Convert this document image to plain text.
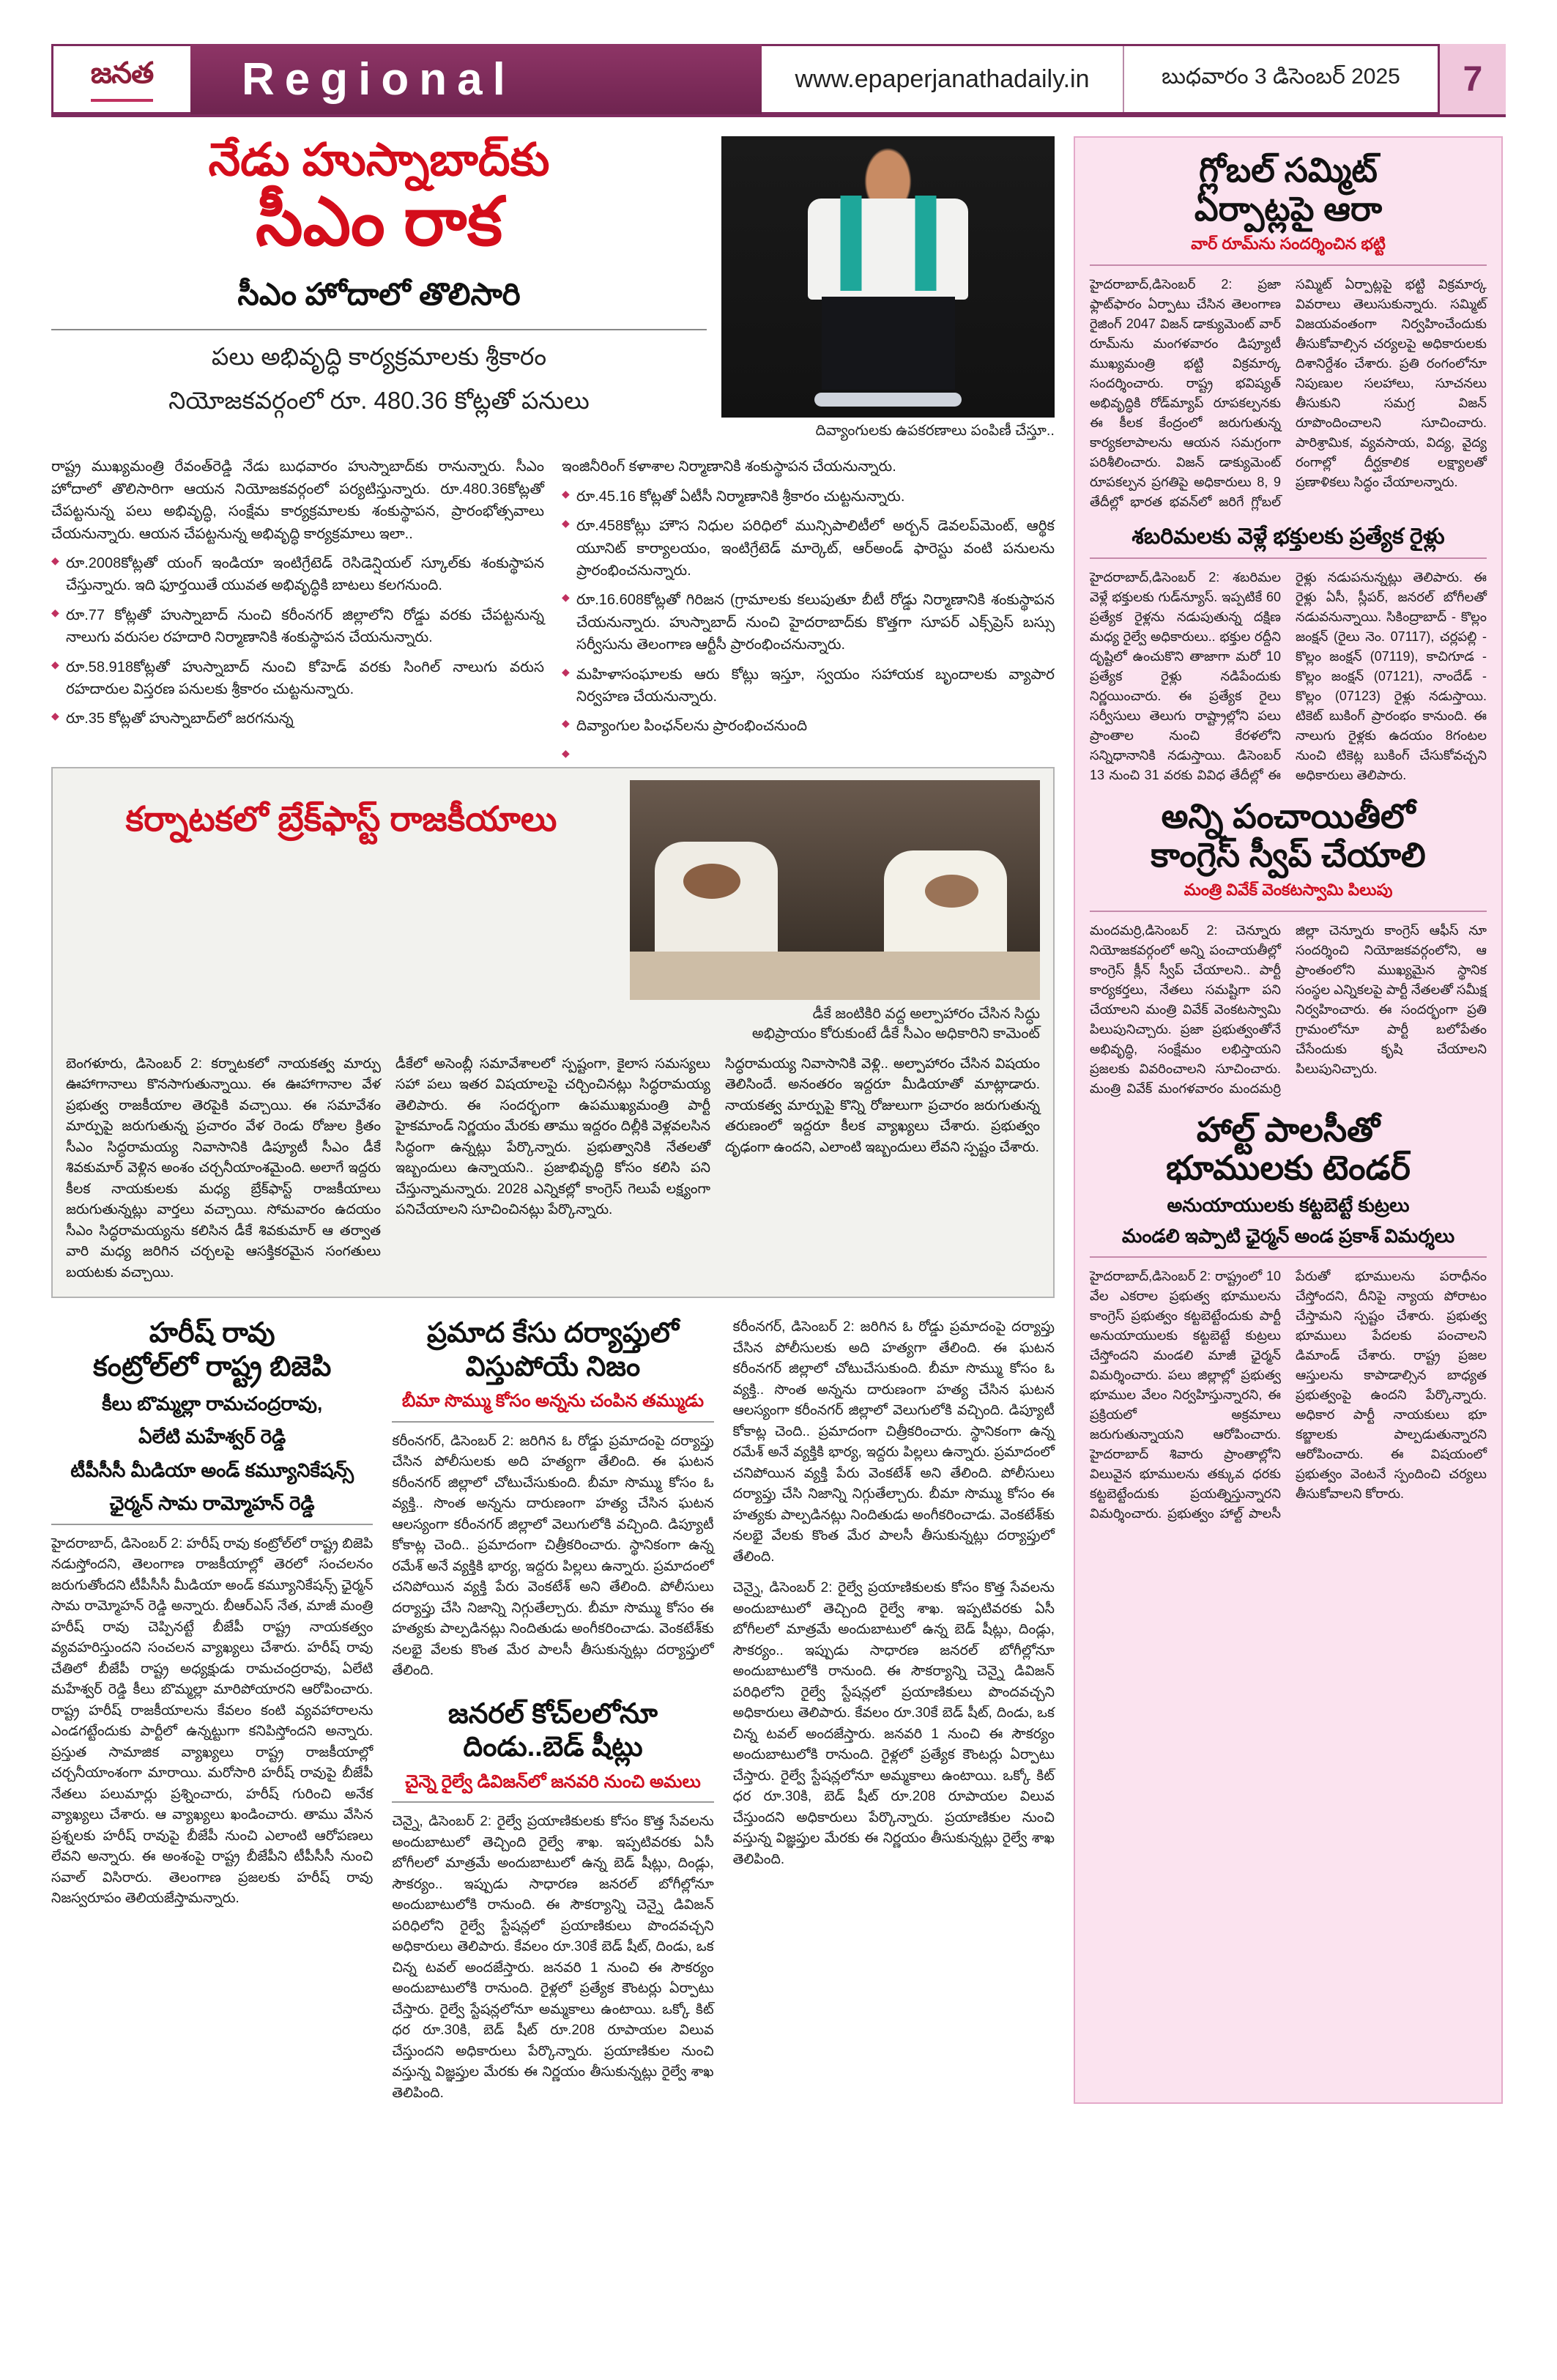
జనత Regional	www.epaperjanathadaily.in	బుధవారం 3 డిసెంబర్ 2025	7
నేడు హుస్నాబాద్‌కు
సీఎం రాక
సీఎం హోదాలో తొలిసారి
పలు అభివృద్ధి కార్యక్రమాలకు శ్రీకారం
నియోజకవర్గంలో రూ. 480.36 కోట్లతో పనులు
దివ్యాంగులకు ఉపకరణాలు పంపిణీ చేస్తూ..

రాష్ట్ర ముఖ్యమంత్రి రేవంత్‌రెడ్డి నేడు బుధవారం హుస్నాబాద్‌కు రానున్నారు. సీఎం హోదాలో తొలిసారిగా ఆయన నియోజకవర్గంలో పర్యటిస్తున్నారు. రూ.480.36కోట్లతో చేపట్టనున్న పలు అభివృద్ధి, సంక్షేమ కార్యక్రమాలకు శంకుస్థాపన, ప్రారంభోత్సవాలు చేయనున్నారు. ఆయన చేపట్టనున్న అభివృద్ధి కార్యక్రమాలు ఇలా..

◆ రూ.2008కోట్లతో యంగ్ ఇండియా ఇంటిగ్రేటెడ్ రెసిడెన్షియల్ స్కూల్‌కు శంకుస్థాపన చేస్తున్నారు. ఇది ఫూర్తయితే యువత అభివృద్ధికి బాటలు కలగనుంది.

◆ రూ.77 కోట్లతో హుస్నాబాద్ నుంచి కరీంనగర్ జిల్లాలోని రోడ్డు వరకు చేపట్టనున్న నాలుగు వరుసల రహదారి నిర్మాణానికి శంకుస్థాపన చేయనున్నారు.

◆ రూ.58.918కోట్లతో హుస్నాబాద్ నుంచి కోహెడ్ వరకు సింగిల్ నాలుగు వరుస రహదారుల విస్తరణ పనులకు శ్రీకారం చుట్టనున్నారు.

◆ రూ.35 కోట్లతో హుస్నాబాద్‌లో జరగనున్న

ఇంజినీరింగ్ కళాశాల నిర్మాణానికి శంకుస్థాపన చేయనున్నారు.

◆ రూ.45.16 కోట్లతో ఏటీసీ నిర్మాణానికి శ్రీకారం చుట్టనున్నారు.

◆ రూ.458కోట్లు హౌస నిధుల పరిధిలో మున్సిపాలిటీలో అర్బన్ డెవలప్‌మెంట్, ఆర్థిక యూనిట్ కార్యాలయం, ఇంటిగ్రేటెడ్ మార్కెట్, ఆర్‌అండ్ ఫారెస్టు వంటి పనులను ప్రారంభించనున్నారు.

◆ రూ.16.608కోట్లతో గిరిజన (గ్రామాలకు కలుపుతూ బీటీ రోడ్డు నిర్మాణానికి శంకుస్థాపన చేయనున్నారు. హుస్నాబాద్ నుంచి హైదరాబాద్‌కు కొత్తగా సూపర్ ఎక్స్‌ప్రెస్ బస్సు సర్వీసును తెలంగాణ ఆర్టీసీ ప్రారంభించనున్నారు.

◆ మహిళాసంఘాలకు ఆరు కోట్లు ఇస్తూ, స్వయం సహాయక బృందాలకు వ్యాపార నిర్వహణ చేయనున్నారు.

◆ దివ్యాంగుల పింఛన్‌లను ప్రారంభించనుంది

కర్నాటకలో బ్రేక్‌ఫాస్ట్ రాజకీయాలు
డీకే జంటికిరి వద్ద అల్పాహారం చేసిన సిద్ధు
అభిప్రాయం కోరుకుంటే డీకే సీఎం అధికారిని కామెంట్
బెంగళూరు, డిసెంబర్ 2: కర్నాటకలో నాయకత్వ మార్పు ఊహాగానాలు కొనసాగుతున్నాయి. ఈ ఊహాగానాల వేళ ప్రభుత్వ రాజకీయాల తెరపైకి వచ్చాయి. ఈ సమావేశం మార్పుపై జరుగుతున్న ప్రచారం వేళ రెండు రోజుల క్రితం సీఎం సిద్ధరామయ్య నివాసానికి డిప్యూటీ సీఎం డీకే శివకుమార్ వెళ్లిన అంశం చర్చనీయాంశమైంది. అలాగే ఇద్దరు కీలక నాయకులకు మధ్య బ్రేక్‌ఫాస్ట్ రాజకీయాలు జరుగుతున్నట్లు వార్తలు వచ్చాయి. సోమవారం ఉదయం సీఎం సిద్ధరామయ్యను కలిసిన డీకే శివకుమార్ ఆ తర్వాత వారి మధ్య జరిగిన చర్చలపై ఆసక్తికరమైన సంగతులు బయటకు వచ్చాయి.
డీకేలో అసెంబ్లీ సమావేశాలలో స్పష్టంగా, కైలాస సమస్యలు సహా పలు ఇతర విషయాలపై చర్చించినట్లు సిద్ధరామయ్య తెలిపారు. ఈ సందర్భంగా ఉపముఖ్యమంత్రి పార్టీ హైకమాండ్ నిర్ణయం మేరకు తాము ఇద్దరం దిల్లీకి వెళ్లవలసిన సిద్ధంగా ఉన్నట్లు పేర్కొన్నారు. ప్రభుత్వానికి నేతలతో ఇబ్బందులు ఉన్నాయని.. ప్రజాభివృద్ధి కోసం కలిసి పని చేస్తున్నామన్నారు. 2028 ఎన్నికల్లో కాంగ్రెస్ గెలుపే లక్ష్యంగా పనిచేయాలని సూచించినట్లు పేర్కొన్నారు.
సిద్ధరామయ్య నివాసానికి వెళ్లి.. అల్పాహారం చేసిన విషయం తెలిసిందే. అనంతరం ఇద్దరూ మీడియాతో మాట్లాడారు. నాయకత్వ మార్పుపై కొన్ని రోజులుగా ప్రచారం జరుగుతున్న తరుణంలో ఇద్దరూ కీలక వ్యాఖ్యలు చేశారు. ప్రభుత్వం దృఢంగా ఉందని, ఎలాంటి ఇబ్బందులు లేవని స్పష్టం చేశారు.
హరీష్ రావు
కంట్రోల్‌లో రాష్ట్ర బిజెపి
కీలు బొమ్మల్లా రామచంద్రరావు,
ఏలేటి మహేశ్వర్ రెడ్డి
టీపీసీసీ మీడియా అండ్ కమ్యూనికేషన్స్
ఛైర్మన్ సామ రామ్మోహన్ రెడ్డి
హైదరాబాద్, డిసెంబర్ 2: హరీష్ రావు కంట్రోల్‌లో రాష్ట్ర బిజెపి నడుస్తోందని, తెలంగాణ రాజకీయాల్లో తెరలో సంచలనం జరుగుతోందని టీపీసీసీ మీడియా అండ్ కమ్యూనికేషన్స్ ఛైర్మన్ సామ రామ్మోహన్ రెడ్డి అన్నారు. బీఆర్ఎస్ నేత, మాజీ మంత్రి హరీష్ రావు చెప్పినట్టే బీజేపీ రాష్ట్ర నాయకత్వం వ్యవహరిస్తుందని సంచలన వ్యాఖ్యలు చేశారు. హరీష్ రావు చేతిలో బీజేపీ రాష్ట్ర అధ్యక్షుడు రామచంద్రరావు, ఏలేటి మహేశ్వర్ రెడ్డి కీలు బొమ్మల్లా మారిపోయారని ఆరోపించారు. రాష్ట్ర హరీష్ రాజకీయాలను కేవలం కంటి వ్యవహారాలను ఎండగట్టేందుకు పార్టీలో ఉన్నట్టుగా కనిపిస్తోందని అన్నారు. ప్రస్తుత సామాజిక వ్యాఖ్యలు రాష్ట్ర రాజకీయాల్లో చర్చనీయాంశంగా మారాయి. మరోసారి హరీష్ రావుపై బీజేపీ నేతలు పలుమార్లు ప్రశ్నించారు, హరీష్ గురించి అనేక వ్యాఖ్యలు చేశారు. ఆ వ్యాఖ్యలు ఖండించారు. తాము వేసిన ప్రశ్నలకు హరీష్ రావుపై బీజేపీ నుంచి ఎలాంటి ఆరోపణలు లేవని అన్నారు. ఈ అంశంపై రాష్ట్ర బీజేపీని టీపీసీసీ నుంచి సవాల్ విసిరారు. తెలంగాణ ప్రజలకు హరీష్ రావు నిజస్వరూపం తెలియజేస్తామన్నారు.
ప్రమాద కేసు దర్యాప్తులో విస్తుపోయే నిజం
బీమా సొమ్ము కోసం అన్నను చంపిన తమ్ముడు
కరీంనగర్, డిసెంబర్ 2: జరిగిన ఓ రోడ్డు ప్రమాదంపై దర్యాప్తు చేసిన పోలీసులకు అది హత్యగా తేలింది. ఈ ఘటన కరీంనగర్ జిల్లాలో చోటుచేసుకుంది. బీమా సొమ్ము కోసం ఓ వ్యక్తి.. సొంత అన్నను దారుణంగా హత్య చేసిన ఘటన ఆలస్యంగా కరీంనగర్ జిల్లాలో వెలుగులోకి వచ్చింది. డిప్యూటీ కోకాట్ల చెంది.. ప్రమాదంగా చిత్రీకరించారు. స్థానికంగా ఉన్న రమేశ్ అనే వ్యక్తికి భార్య, ఇద్దరు పిల్లలు ఉన్నారు. ప్రమాదంలో చనిపోయిన వ్యక్తి పేరు వెంకటేశ్ అని తేలింది. పోలీసులు దర్యాప్తు చేసి నిజాన్ని నిగ్గుతేల్చారు. బీమా సొమ్ము కోసం ఈ హత్యకు పాల్పడినట్లు నిందితుడు అంగీకరించాడు. వెంకటేశ్‌కు నలభై వేలకు కొంత మేర పాలసీ తీసుకున్నట్లు దర్యాప్తులో తేలింది.
జనరల్ కోచ్‌లలోనూ దిండు..బెడ్ షీట్లు
చైన్నె రైల్వే డివిజన్‌లో జనవరి నుంచి అమలు
చెన్నై, డిసెంబర్ 2: రైల్వే ప్రయాణికులకు కోసం కొత్త సేవలను అందుబాటులో తెచ్చింది రైల్వే శాఖ. ఇప్పటివరకు ఏసీ బోగీలలో మాత్రమే అందుబాటులో ఉన్న బెడ్ షీట్లు, దిండ్లు, సౌకర్యం.. ఇప్పుడు సాధారణ జనరల్ బోగీల్లోనూ అందుబాటులోకి రానుంది. ఈ సౌకర్యాన్ని చెన్నై డివిజన్ పరిధిలోని రైల్వే స్టేషన్లలో ప్రయాణికులు పొందవచ్చని అధికారులు తెలిపారు. కేవలం రూ.30కే బెడ్ షీట్, దిండు, ఒక చిన్న టవల్ అందజేస్తారు. జనవరి 1 నుంచి ఈ సౌకర్యం అందుబాటులోకి రానుంది. రైళ్లలో ప్రత్యేక కౌంటర్లు ఏర్పాటు చేస్తారు. రైల్వే స్టేషన్లలోనూ అమ్మకాలు ఉంటాయి. ఒక్కో కిట్ ధర రూ.30కి, బెడ్ షీట్ రూ.208 రూపాయల విలువ చేస్తుందని అధికారులు పేర్కొన్నారు. ప్రయాణికుల నుంచి వస్తున్న విజ్ఞప్తుల మేరకు ఈ నిర్ణయం తీసుకున్నట్లు రైల్వే శాఖ తెలిపింది.
కరీంనగర్, డిసెంబర్ 2: జరిగిన ఓ రోడ్డు ప్రమాదంపై దర్యాప్తు చేసిన పోలీసులకు అది హత్యగా తేలింది. ఈ ఘటన కరీంనగర్ జిల్లాలో చోటుచేసుకుంది. బీమా సొమ్ము కోసం ఓ వ్యక్తి.. సొంత అన్నను దారుణంగా హత్య చేసిన ఘటన ఆలస్యంగా కరీంనగర్ జిల్లాలో వెలుగులోకి వచ్చింది. డిప్యూటీ కోకాట్ల చెంది.. ప్రమాదంగా చిత్రీకరించారు. స్థానికంగా ఉన్న రమేశ్ అనే వ్యక్తికి భార్య, ఇద్దరు పిల్లలు ఉన్నారు. ప్రమాదంలో చనిపోయిన వ్యక్తి పేరు వెంకటేశ్ అని తేలింది. పోలీసులు దర్యాప్తు చేసి నిజాన్ని నిగ్గుతేల్చారు. బీమా సొమ్ము కోసం ఈ హత్యకు పాల్పడినట్లు నిందితుడు అంగీకరించాడు. వెంకటేశ్‌కు నలభై వేలకు కొంత మేర పాలసీ తీసుకున్నట్లు దర్యాప్తులో తేలింది.
చెన్నై, డిసెంబర్ 2: రైల్వే ప్రయాణికులకు కోసం కొత్త సేవలను అందుబాటులో తెచ్చింది రైల్వే శాఖ. ఇప్పటివరకు ఏసీ బోగీలలో మాత్రమే అందుబాటులో ఉన్న బెడ్ షీట్లు, దిండ్లు, సౌకర్యం.. ఇప్పుడు సాధారణ జనరల్ బోగీల్లోనూ అందుబాటులోకి రానుంది. ఈ సౌకర్యాన్ని చెన్నై డివిజన్ పరిధిలోని రైల్వే స్టేషన్లలో ప్రయాణికులు పొందవచ్చని అధికారులు తెలిపారు. కేవలం రూ.30కే బెడ్ షీట్, దిండు, ఒక చిన్న టవల్ అందజేస్తారు. జనవరి 1 నుంచి ఈ సౌకర్యం అందుబాటులోకి రానుంది. రైళ్లలో ప్రత్యేక కౌంటర్లు ఏర్పాటు చేస్తారు. రైల్వే స్టేషన్లలోనూ అమ్మకాలు ఉంటాయి. ఒక్కో కిట్ ధర రూ.30కి, బెడ్ షీట్ రూ.208 రూపాయల విలువ చేస్తుందని అధికారులు పేర్కొన్నారు. ప్రయాణికుల నుంచి వస్తున్న విజ్ఞప్తుల మేరకు ఈ నిర్ణయం తీసుకున్నట్లు రైల్వే శాఖ తెలిపింది.
గ్లోబల్ సమ్మిట్
ఏర్పాట్లపై ఆరా
వార్ రూమ్‌ను సందర్శించిన భట్టి
హైదరాబాద్,డిసెంబర్ 2: ప్రజా ఫ్లాట్‌ఫారం ఏర్పాటు చేసిన తెలంగాణ రైజింగ్ 2047 విజన్ డాక్యుమెంట్ వార్ రూమ్‌ను మంగళవారం డిప్యూటీ ముఖ్యమంత్రి భట్టి విక్రమార్క సందర్శించారు. రాష్ట్ర భవిష్యత్ అభివృద్ధికి రోడ్‌మ్యాప్ రూపకల్పనకు ఈ కీలక కేంద్రంలో జరుగుతున్న కార్యకలాపాలను ఆయన సమగ్రంగా పరిశీలించారు. విజన్ డాక్యుమెంట్ రూపకల్పన ప్రగతిపై అధికారులు 8, 9 తేదీల్లో భారత భవన్‌లో జరిగే గ్లోబల్ సమ్మిట్ ఏర్పాట్లపై భట్టి విక్రమార్క వివరాలు తెలుసుకున్నారు. సమ్మిట్ విజయవంతంగా నిర్వహించేందుకు తీసుకోవాల్సిన చర్యలపై అధికారులకు దిశానిర్దేశం చేశారు. ప్రతి రంగంలోనూ నిపుణుల సలహాలు, సూచనలు తీసుకుని సమగ్ర విజన్ రూపొందించాలని సూచించారు. పారిశ్రామిక, వ్యవసాయ, విద్య, వైద్య రంగాల్లో దీర్ఘకాలిక లక్ష్యాలతో ప్రణాళికలు సిద్ధం చేయాలన్నారు.
శబరిమలకు వెళ్లే భక్తులకు ప్రత్యేక రైళ్లు
హైదరాబాద్,డిసెంబర్ 2: శబరిమల వెళ్లే భక్తులకు గుడ్‌న్యూస్. ఇప్పటికే 60 ప్రత్యేక రైళ్లను నడుపుతున్న దక్షిణ మధ్య రైల్వే అధికారులు.. భక్తుల రద్దీని దృష్టిలో ఉంచుకొని తాజాగా మరో 10 ప్రత్యేక రైళ్లు నడిపేందుకు నిర్ణయించారు. ఈ ప్రత్యేక రైలు సర్వీసులు తెలుగు రాష్ట్రాల్లోని పలు ప్రాంతాల నుంచి కేరళలోని సన్నిధానానికి నడుస్తాయి. డిసెంబర్ 13 నుంచి 31 వరకు వివిధ తేదీల్లో ఈ రైళ్లు నడుపనున్నట్లు తెలిపారు. ఈ రైళ్లు ఏసీ, స్లీపర్, జనరల్ బోగీలతో నడువనున్నాయి. సికింద్రాబాద్ - కొల్లం జంక్షన్ (రైలు నెం. 07117), చర్లపల్లి - కొల్లం జంక్షన్ (07119), కాచిగూడ - కొల్లం జంక్షన్ (07121), నాందేడ్ - కొల్లం (07123) రైళ్లు నడుస్తాయి. టికెట్ బుకింగ్ ప్రారంభం కానుంది. ఈ నాలుగు రైళ్లకు ఉదయం 8గంటల నుంచి టికెట్ల బుకింగ్ చేసుకోవచ్చని అధికారులు తెలిపారు.
అన్ని పంచాయితీలో
కాంగ్రెస్ స్వీప్ చేయాలి
మంత్రి వివేక్ వెంకటస్వామి పిలుపు
మందమర్రి,డిసెంబర్ 2: చెన్నూరు నియోజకవర్గంలో అన్ని పంచాయతీల్లో కాంగ్రెస్ క్లీన్ స్వీప్ చేయాలని.. పార్టీ కార్యకర్తలు, నేతలు సమష్టిగా పని చేయాలని మంత్రి వివేక్ వెంకటస్వామి పిలుపునిచ్చారు. ప్రజా ప్రభుత్వంతోనే అభివృద్ధి, సంక్షేమం లభిస్తాయని ప్రజలకు వివరించాలని సూచించారు. మంత్రి వివేక్ మంగళవారం మందమర్రి జిల్లా చెన్నూరు కాంగ్రెస్ ఆఫీస్ నూ సందర్శించి నియోజకవర్గంలోని, ఆ ప్రాంతంలోని ముఖ్యమైన స్థానిక సంస్థల ఎన్నికలపై పార్టీ నేతలతో సమీక్ష నిర్వహించారు. ఈ సందర్భంగా ప్రతి గ్రామంలోనూ పార్టీ బలోపేతం చేసేందుకు కృషి చేయాలని పిలుపునిచ్చారు.
హాల్ట్ పాలసీతో
భూములకు టెండర్
అనుయాయులకు కట్టబెట్టే కుట్రలు
మండలి ఇప్పాటి ఛైర్మన్ అండ ప్రకాశ్ విమర్శలు
హైదరాబాద్,డిసెంబర్ 2: రాష్ట్రంలో 10 వేల ఎకరాల ప్రభుత్వ భూములను కాంగ్రెస్ ప్రభుత్వం కట్టబెట్టేందుకు పార్టీ అనుయాయులకు కట్టబెట్టే కుట్రలు చేస్తోందని మండలి మాజీ ఛైర్మన్ విమర్శించారు. పలు జిల్లాల్లో ప్రభుత్వ భూముల వేలం నిర్వహిస్తున్నారని, ఈ ప్రక్రియలో అక్రమాలు జరుగుతున్నాయని ఆరోపించారు. హైదరాబాద్ శివారు ప్రాంతాల్లోని విలువైన భూములను తక్కువ ధరకు కట్టబెట్టేందుకు ప్రయత్నిస్తున్నారని విమర్శించారు. ప్రభుత్వం హాల్ట్ పాలసీ పేరుతో భూములను పరాధీనం చేస్తోందని, దీనిపై న్యాయ పోరాటం చేస్తామని స్పష్టం చేశారు. ప్రభుత్వ భూములు పేదలకు పంచాలని డిమాండ్ చేశారు. రాష్ట్ర ప్రజల ఆస్తులను కాపాడాల్సిన బాధ్యత ప్రభుత్వంపై ఉందని పేర్కొన్నారు. అధికార పార్టీ నాయకులు భూ కబ్జాలకు పాల్పడుతున్నారని ఆరోపించారు. ఈ విషయంలో ప్రభుత్వం వెంటనే స్పందించి చర్యలు తీసుకోవాలని కోరారు.
